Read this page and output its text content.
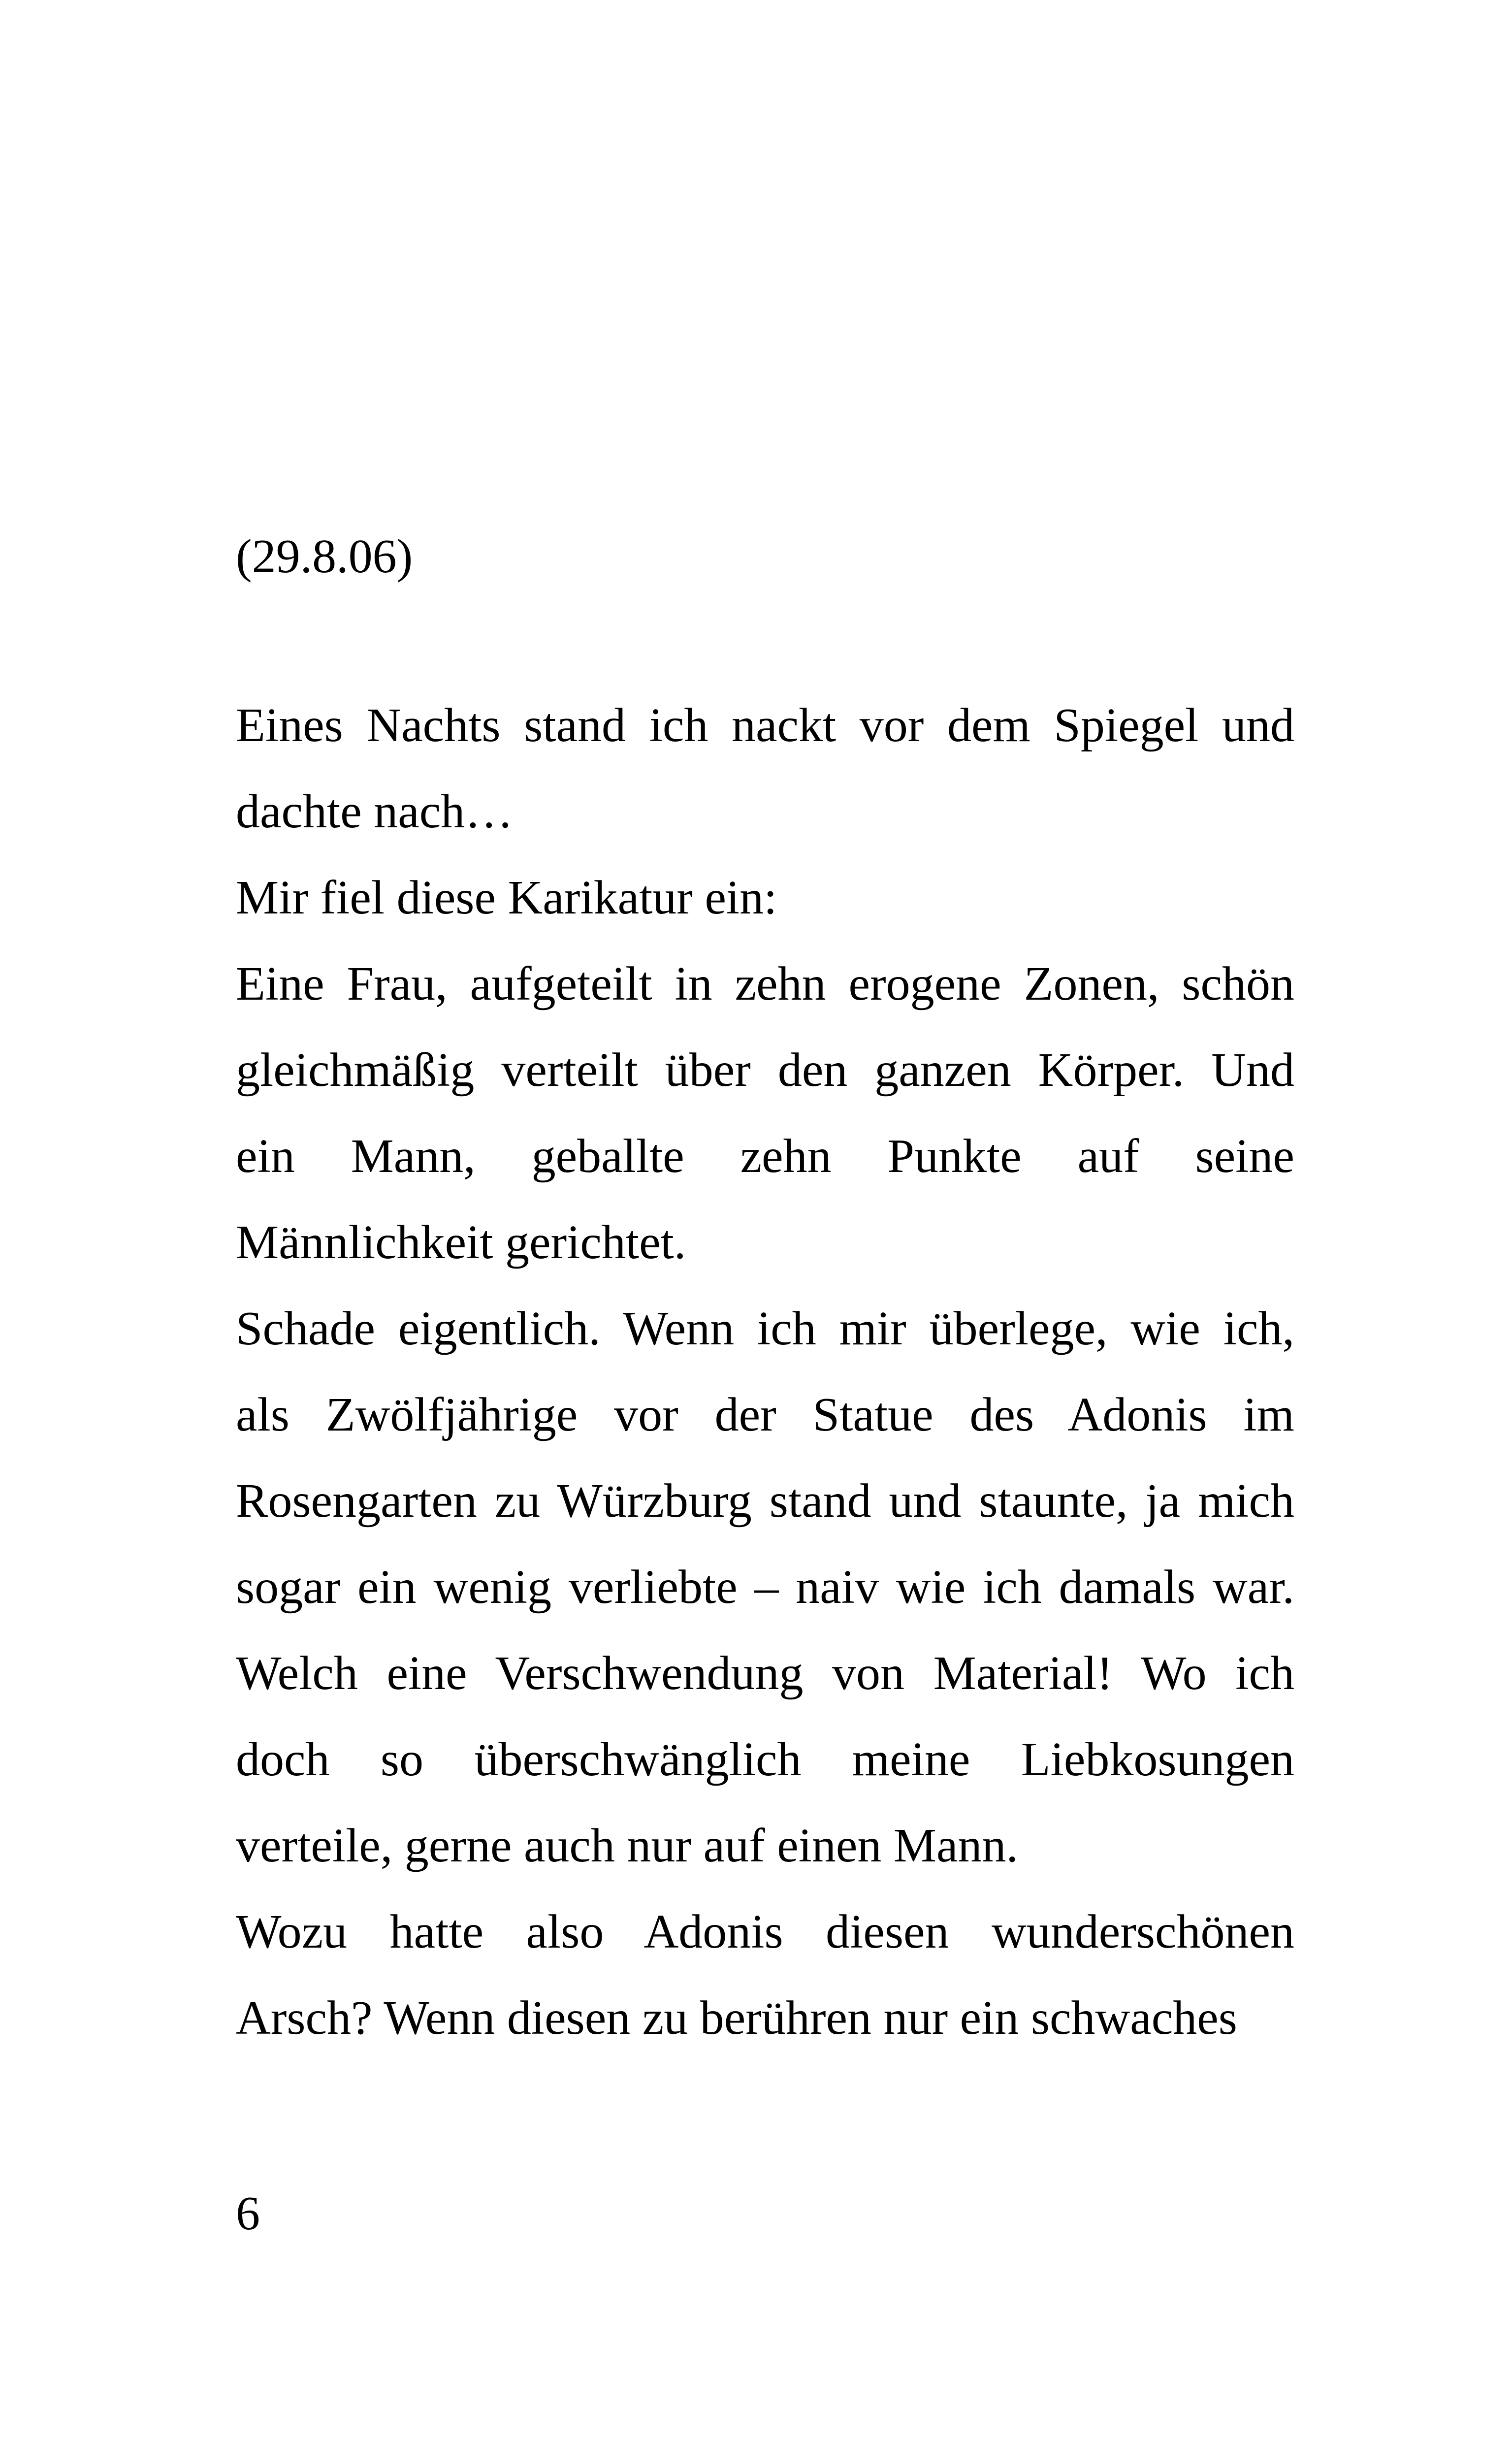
(29.8.06)
Eines Nachts stand ich nackt vor dem Spiegel und
dachte nach…
Mir fiel diese Karikatur ein:
Eine Frau, aufgeteilt in zehn erogene Zonen, schön
gleichmäßig verteilt über den ganzen Körper. Und
ein Mann, geballte zehn Punkte auf seine
Männlichkeit gerichtet.
Schade eigentlich. Wenn ich mir überlege, wie ich,
als Zwölfjährige vor der Statue des Adonis im
Rosengarten zu Würzburg stand und staunte, ja mich
sogar ein wenig verliebte – naiv wie ich damals war.
Welch eine Verschwendung von Material! Wo ich
doch so überschwänglich meine Liebkosungen
verteile, gerne auch nur auf einen Mann.
Wozu hatte also Adonis diesen wunderschönen
Arsch? Wenn diesen zu berühren nur ein schwaches
6
